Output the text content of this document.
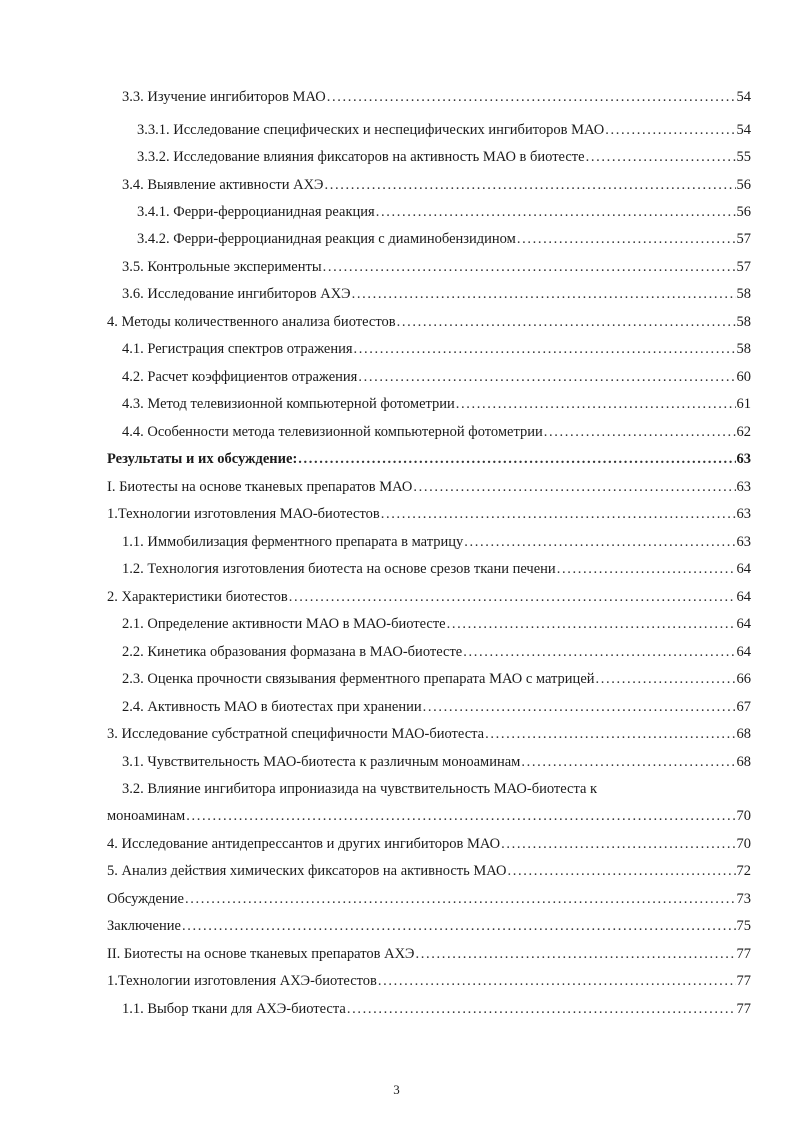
3.3. Изучение ингибиторов МАО . . .	54
3.3.1. Исследование специфических и неспецифических ингибиторов МАО . . .	54
3.3.2. Исследование влияния фиксаторов на активность МАО в биотесте . . .	55
3.4. Выявление активности АХЭ . . .	56
3.4.1. Ферри-ферроцианидная реакция . . .	56
3.4.2. Ферри-ферроцианидная реакция с диаминобензидином . . .	57
3.5. Контрольные эксперименты . . .	57
3.6. Исследование ингибиторов АХЭ . . .	58
4. Методы количественного анализа биотестов . . .	58
4.1. Регистрация спектров отражения . . .	58
4.2. Расчет коэффициентов отражения . . .	60
4.3. Метод телевизионной компьютерной фотометрии . . .	61
4.4. Особенности метода телевизионной компьютерной фотометрии . . .	62
Результаты и их обсуждение: . . .	63
I. Биотесты на основе тканевых препаратов МАО . . .	63
1.Технологии изготовления МАО-биотестов . . .	63
1.1. Иммобилизация ферментного препарата в матрицу . . .	63
1.2. Технология изготовления биотеста на основе срезов ткани печени . . .	64
2. Характеристики биотестов . . .	64
2.1. Определение активности МАО в МАО-биотесте . . .	64
2.2. Кинетика образования формазана в МАО-биотесте . . .	64
2.3. Оценка прочности связывания ферментного препарата МАО с матрицей . . .	66
2.4. Активность МАО в биотестах при хранении . . .	67
3. Исследование субстратной специфичности МАО-биотеста . . .	68
3.1. Чувствительность МАО-биотеста к различным моноаминам . . .	68
3.2. Влияние ингибитора ипрониазида на чувствительность МАО-биотеста к
моноаминам . . .	70
4. Исследование антидепрессантов и других ингибиторов МАО . . .	70
5. Анализ действия химических фиксаторов на активность МАО . . .	72
Обсуждение . . .	73
Заключение . . .	75
II. Биотесты на основе тканевых препаратов АХЭ . . .	77
1.Технологии изготовления АХЭ-биотестов . . .	77
1.1. Выбор ткани для АХЭ-биотеста . . .	77
3
